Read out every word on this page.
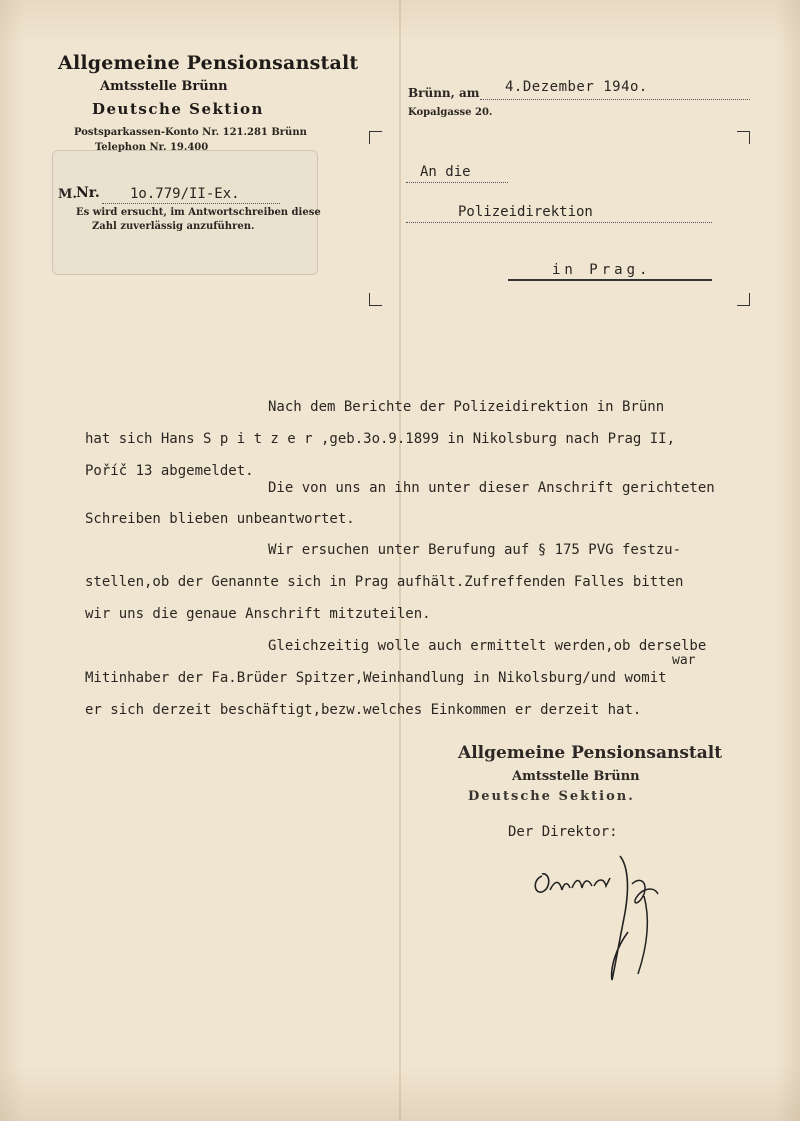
Allgemeine Pensionsanstalt
Amtsstelle Brünn
Deutsche Sektion
Postsparkassen-Konto Nr. 121.281 Brünn
Telephon Nr. 19.400
M. Nr. 1o.779/II-Ex.
Es wird ersucht, im Antwortschreiben diese
Zahl zuverlässig anzuführen.
Brünn, am 4.Dezember 194o.
Kopalgasse 20.
An die
Polizeidirektion
in Prag.
Nach dem Berichte der Polizeidirektion in Brünn
hat sich Hans S p i t z e r ,geb.3o.9.1899 in Nikolsburg nach Prag II,
Poříč 13 abgemeldet.
Die von uns an ihn unter dieser Anschrift gerichteten
Schreiben blieben unbeantwortet.
Wir ersuchen unter Berufung auf § 175 PVG festzu-
stellen,ob der Genannte sich in Prag aufhält.Zufreffenden Falles bitten
wir uns die genaue Anschrift mitzuteilen.
Gleichzeitig wolle auch ermittelt werden,ob derselbe
war
Mitinhaber der Fa.Brüder Spitzer,Weinhandlung in Nikolsburg/und womit
er sich derzeit beschäftigt,bezw.welches Einkommen er derzeit hat.
Allgemeine Pensionsanstalt
Amtsstelle Brünn
Deutsche Sektion.
Der Direktor:
